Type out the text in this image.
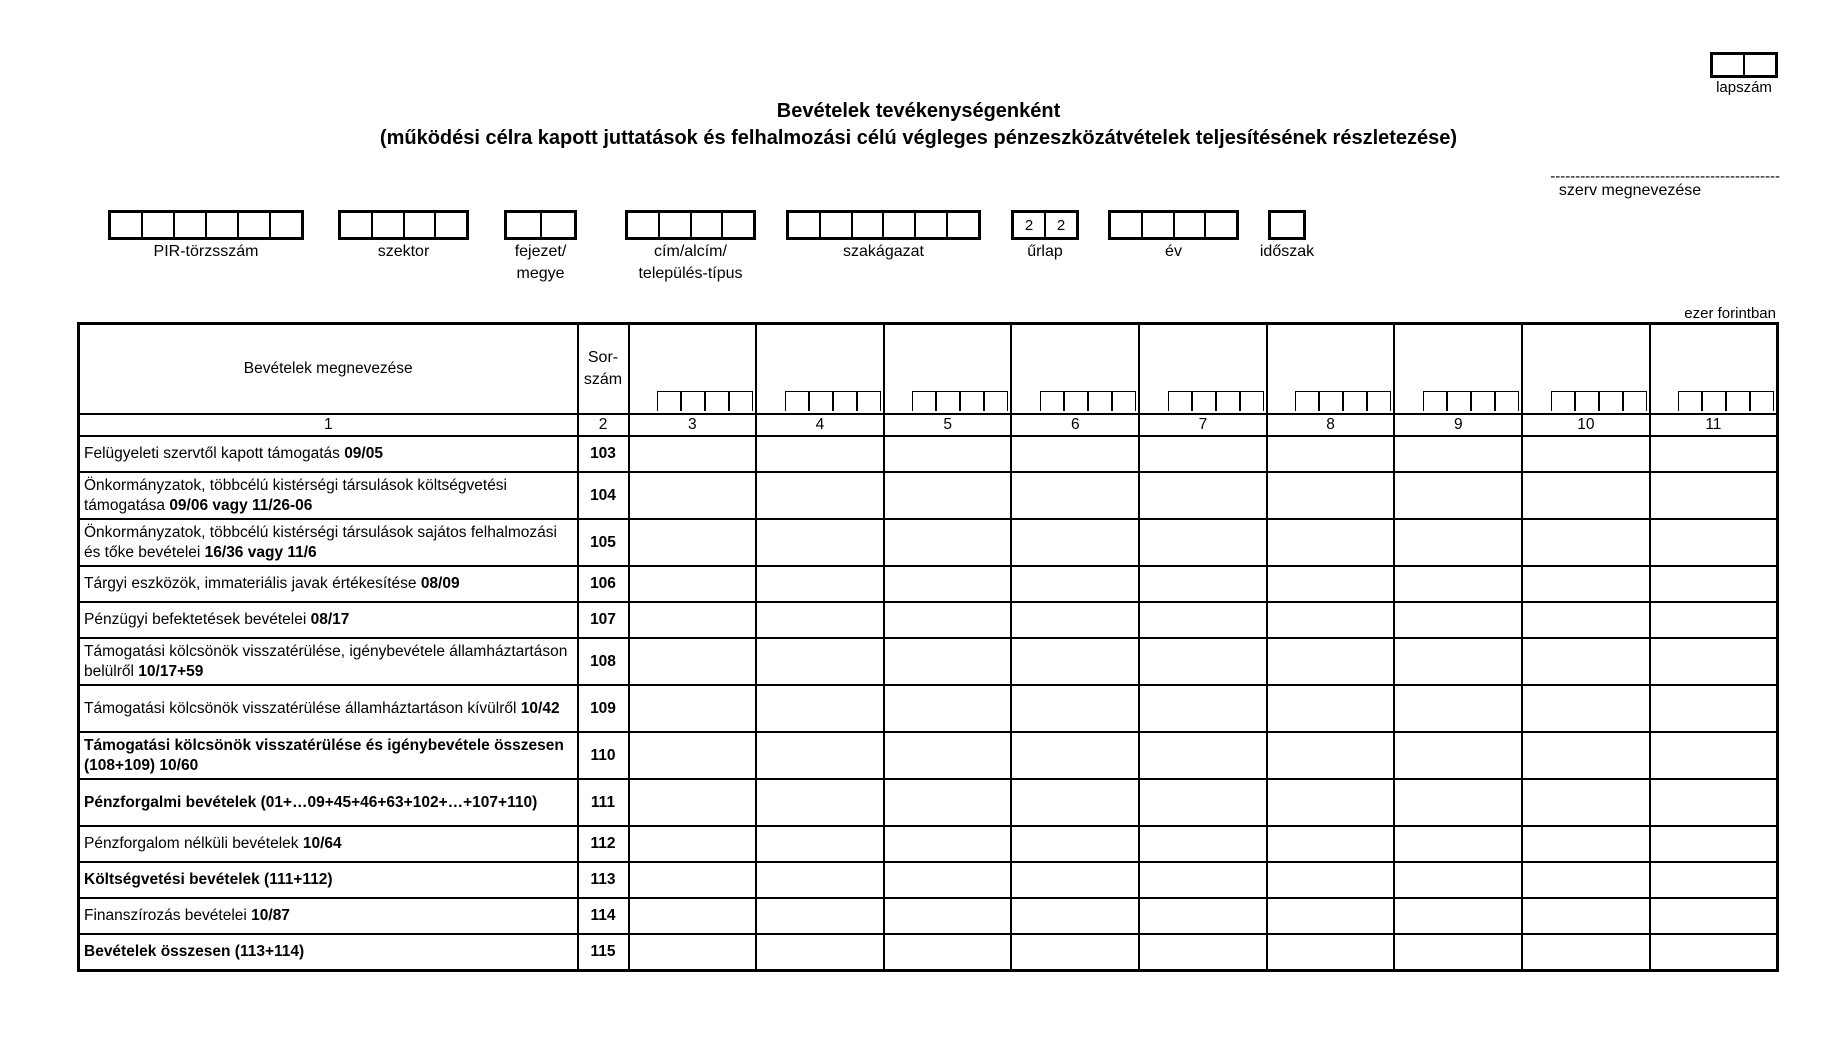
lapszám
Bevételek tevékenységenként
(működési célra kapott juttatások és felhalmozási célú végleges pénzeszközátvételek teljesítésének részletezése)
----------------------------------------------
szerv megnevezése
PIR-törzsszám	szektor	fejezet/
megye
cím/alcím/
település-típus
szakágazat
2	2
űrlap	év	időszak
ezer forintban
Bevételek megnevezése	Sor-
szám									

1	2	3	4	5	6	7	8	9	10	11
Felügyeleti szervtől kapott támogatás 09/05	103									
Önkormányzatok, többcélú kistérségi társulások költségvetési támogatása 09/06 vagy 11/26-06	104									
Önkormányzatok, többcélú kistérségi társulások sajátos felhalmozási és tőke bevételei 16/36 vagy 11/6	105									
Tárgyi eszközök, immateriális javak értékesítése 08/09	106									
Pénzügyi befektetések bevételei 08/17	107									
Támogatási kölcsönök visszatérülése, igénybevétele államháztartáson belülről 10/17+59	108									
Támogatási kölcsönök visszatérülése államháztartáson kívülről 10/42	109									
Támogatási kölcsönök visszatérülése és igénybevétele összesen (108+109) 10/60	110									
Pénzforgalmi bevételek (01+…09+45+46+63+102+…+107+110)	111									
Pénzforgalom nélküli bevételek 10/64	112									
Költségvetési bevételek (111+112)	113									
Finanszírozás bevételei 10/87	114									
Bevételek összesen (113+114)	115									
